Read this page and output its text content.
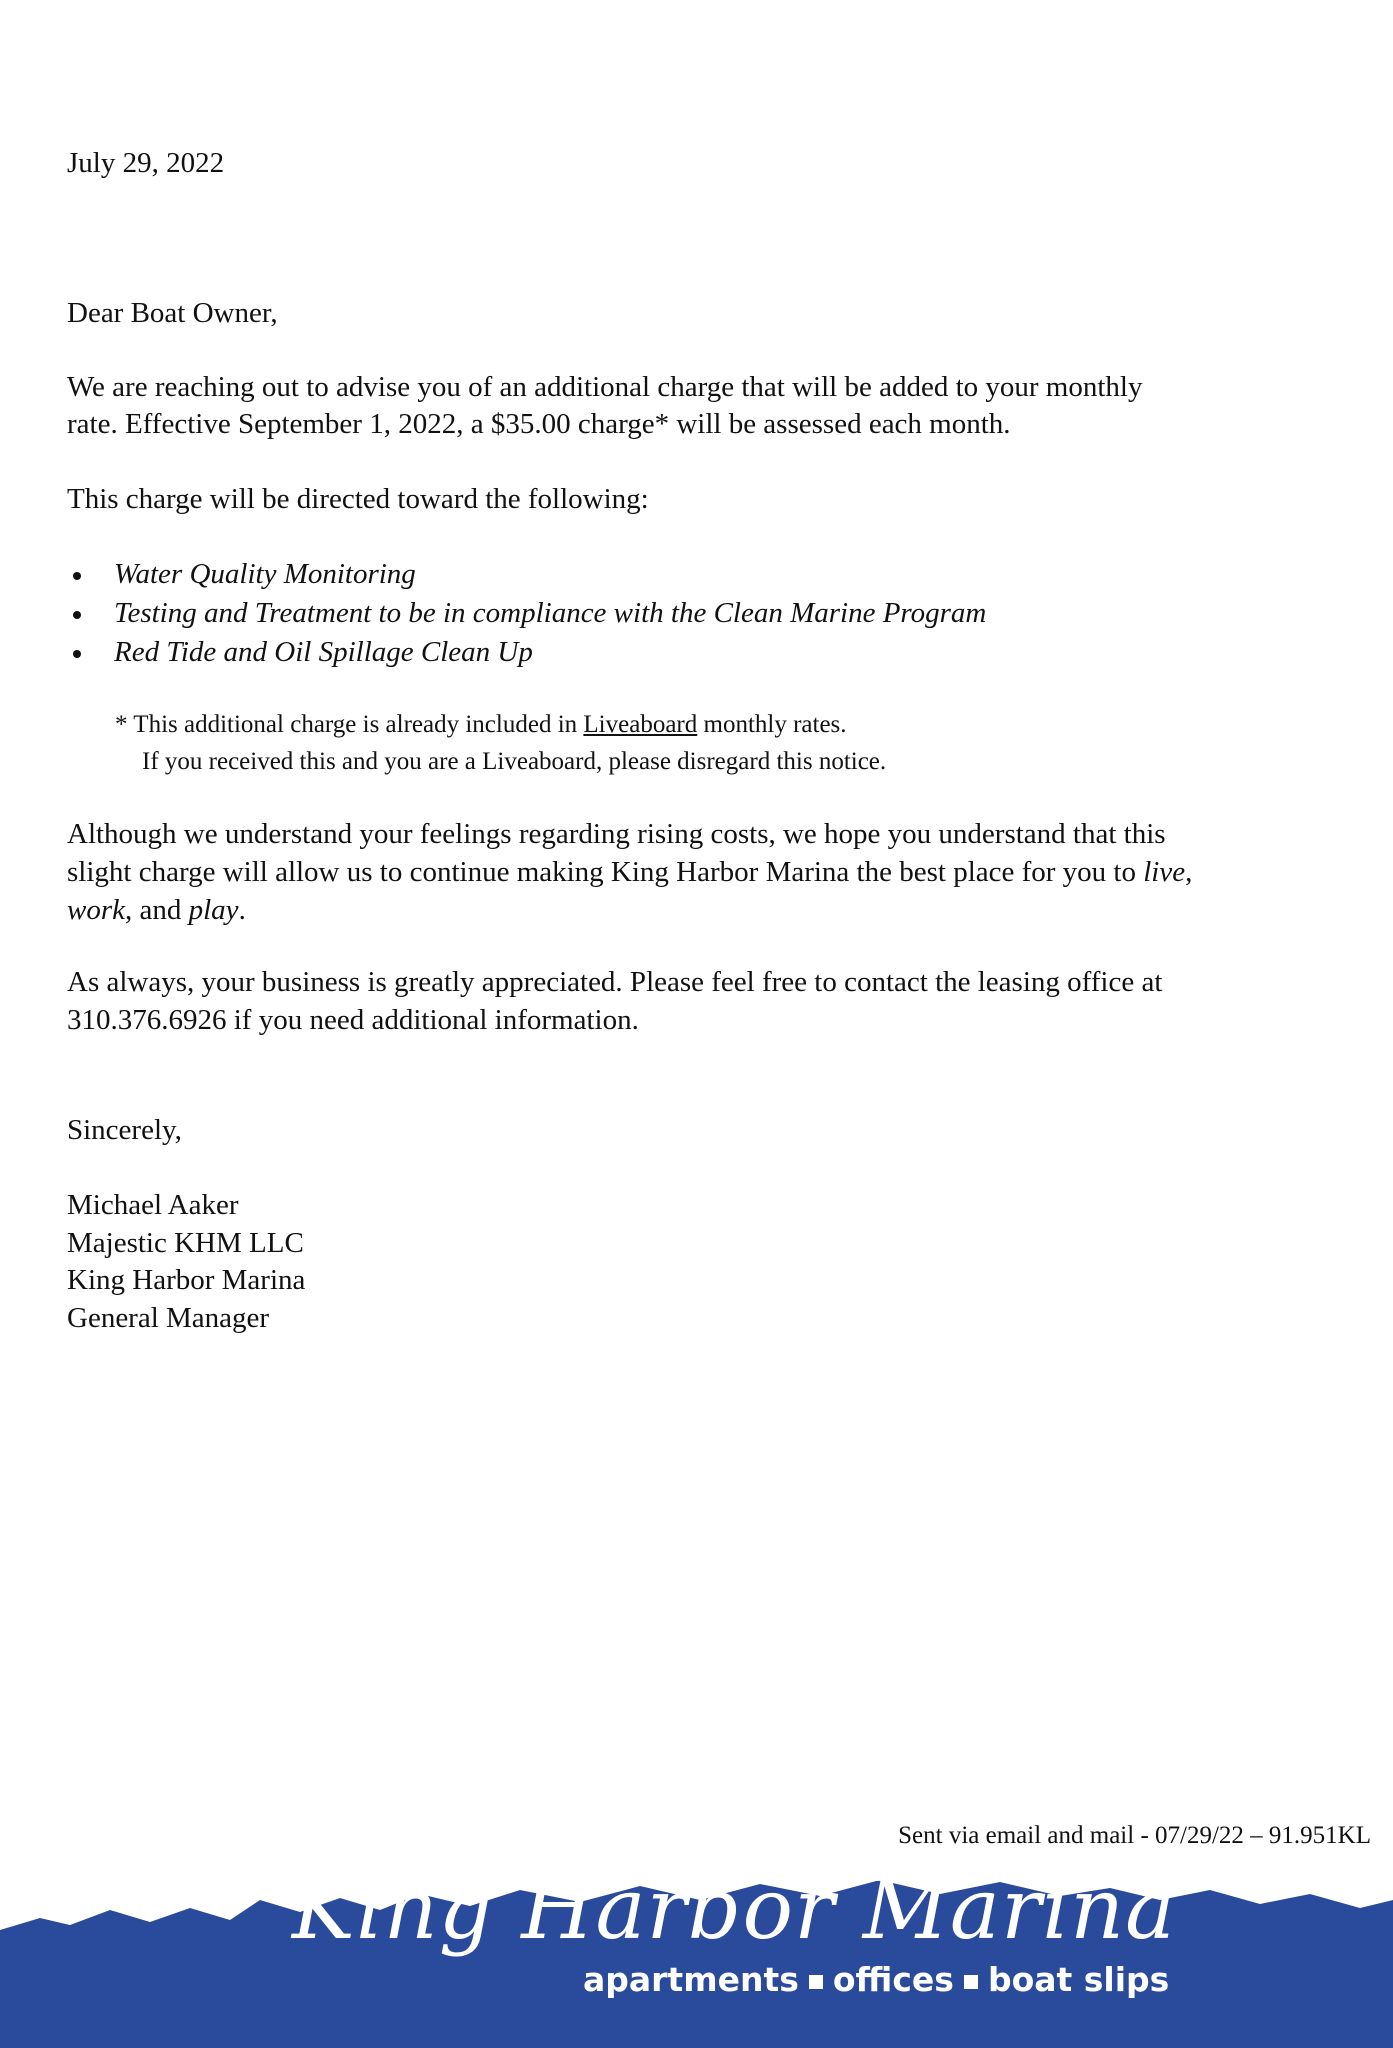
July 29, 2022
Dear Boat Owner,
We are reaching out to advise you of an additional charge that will be added to your monthly
rate. Effective September 1, 2022, a $35.00 charge* will be assessed each month.
This charge will be directed toward the following:
Water Quality Monitoring
Testing and Treatment to be in compliance with the Clean Marine Program
Red Tide and Oil Spillage Clean Up
* This additional charge is already included in Liveaboard monthly rates.
If you received this and you are a Liveaboard, please disregard this notice.
Although we understand your feelings regarding rising costs, we hope you understand that this
slight charge will allow us to continue making King Harbor Marina the best place for you to live,
work, and play.
As always, your business is greatly appreciated. Please feel free to contact the leasing office at
310.376.6926 if you need additional information.
Sincerely,
Michael Aaker
Majestic KHM LLC
King Harbor Marina
General Manager
Sent via email and mail - 07/29/22 – 91.951KL
King Harbor Marina
apartments offices boat slips
